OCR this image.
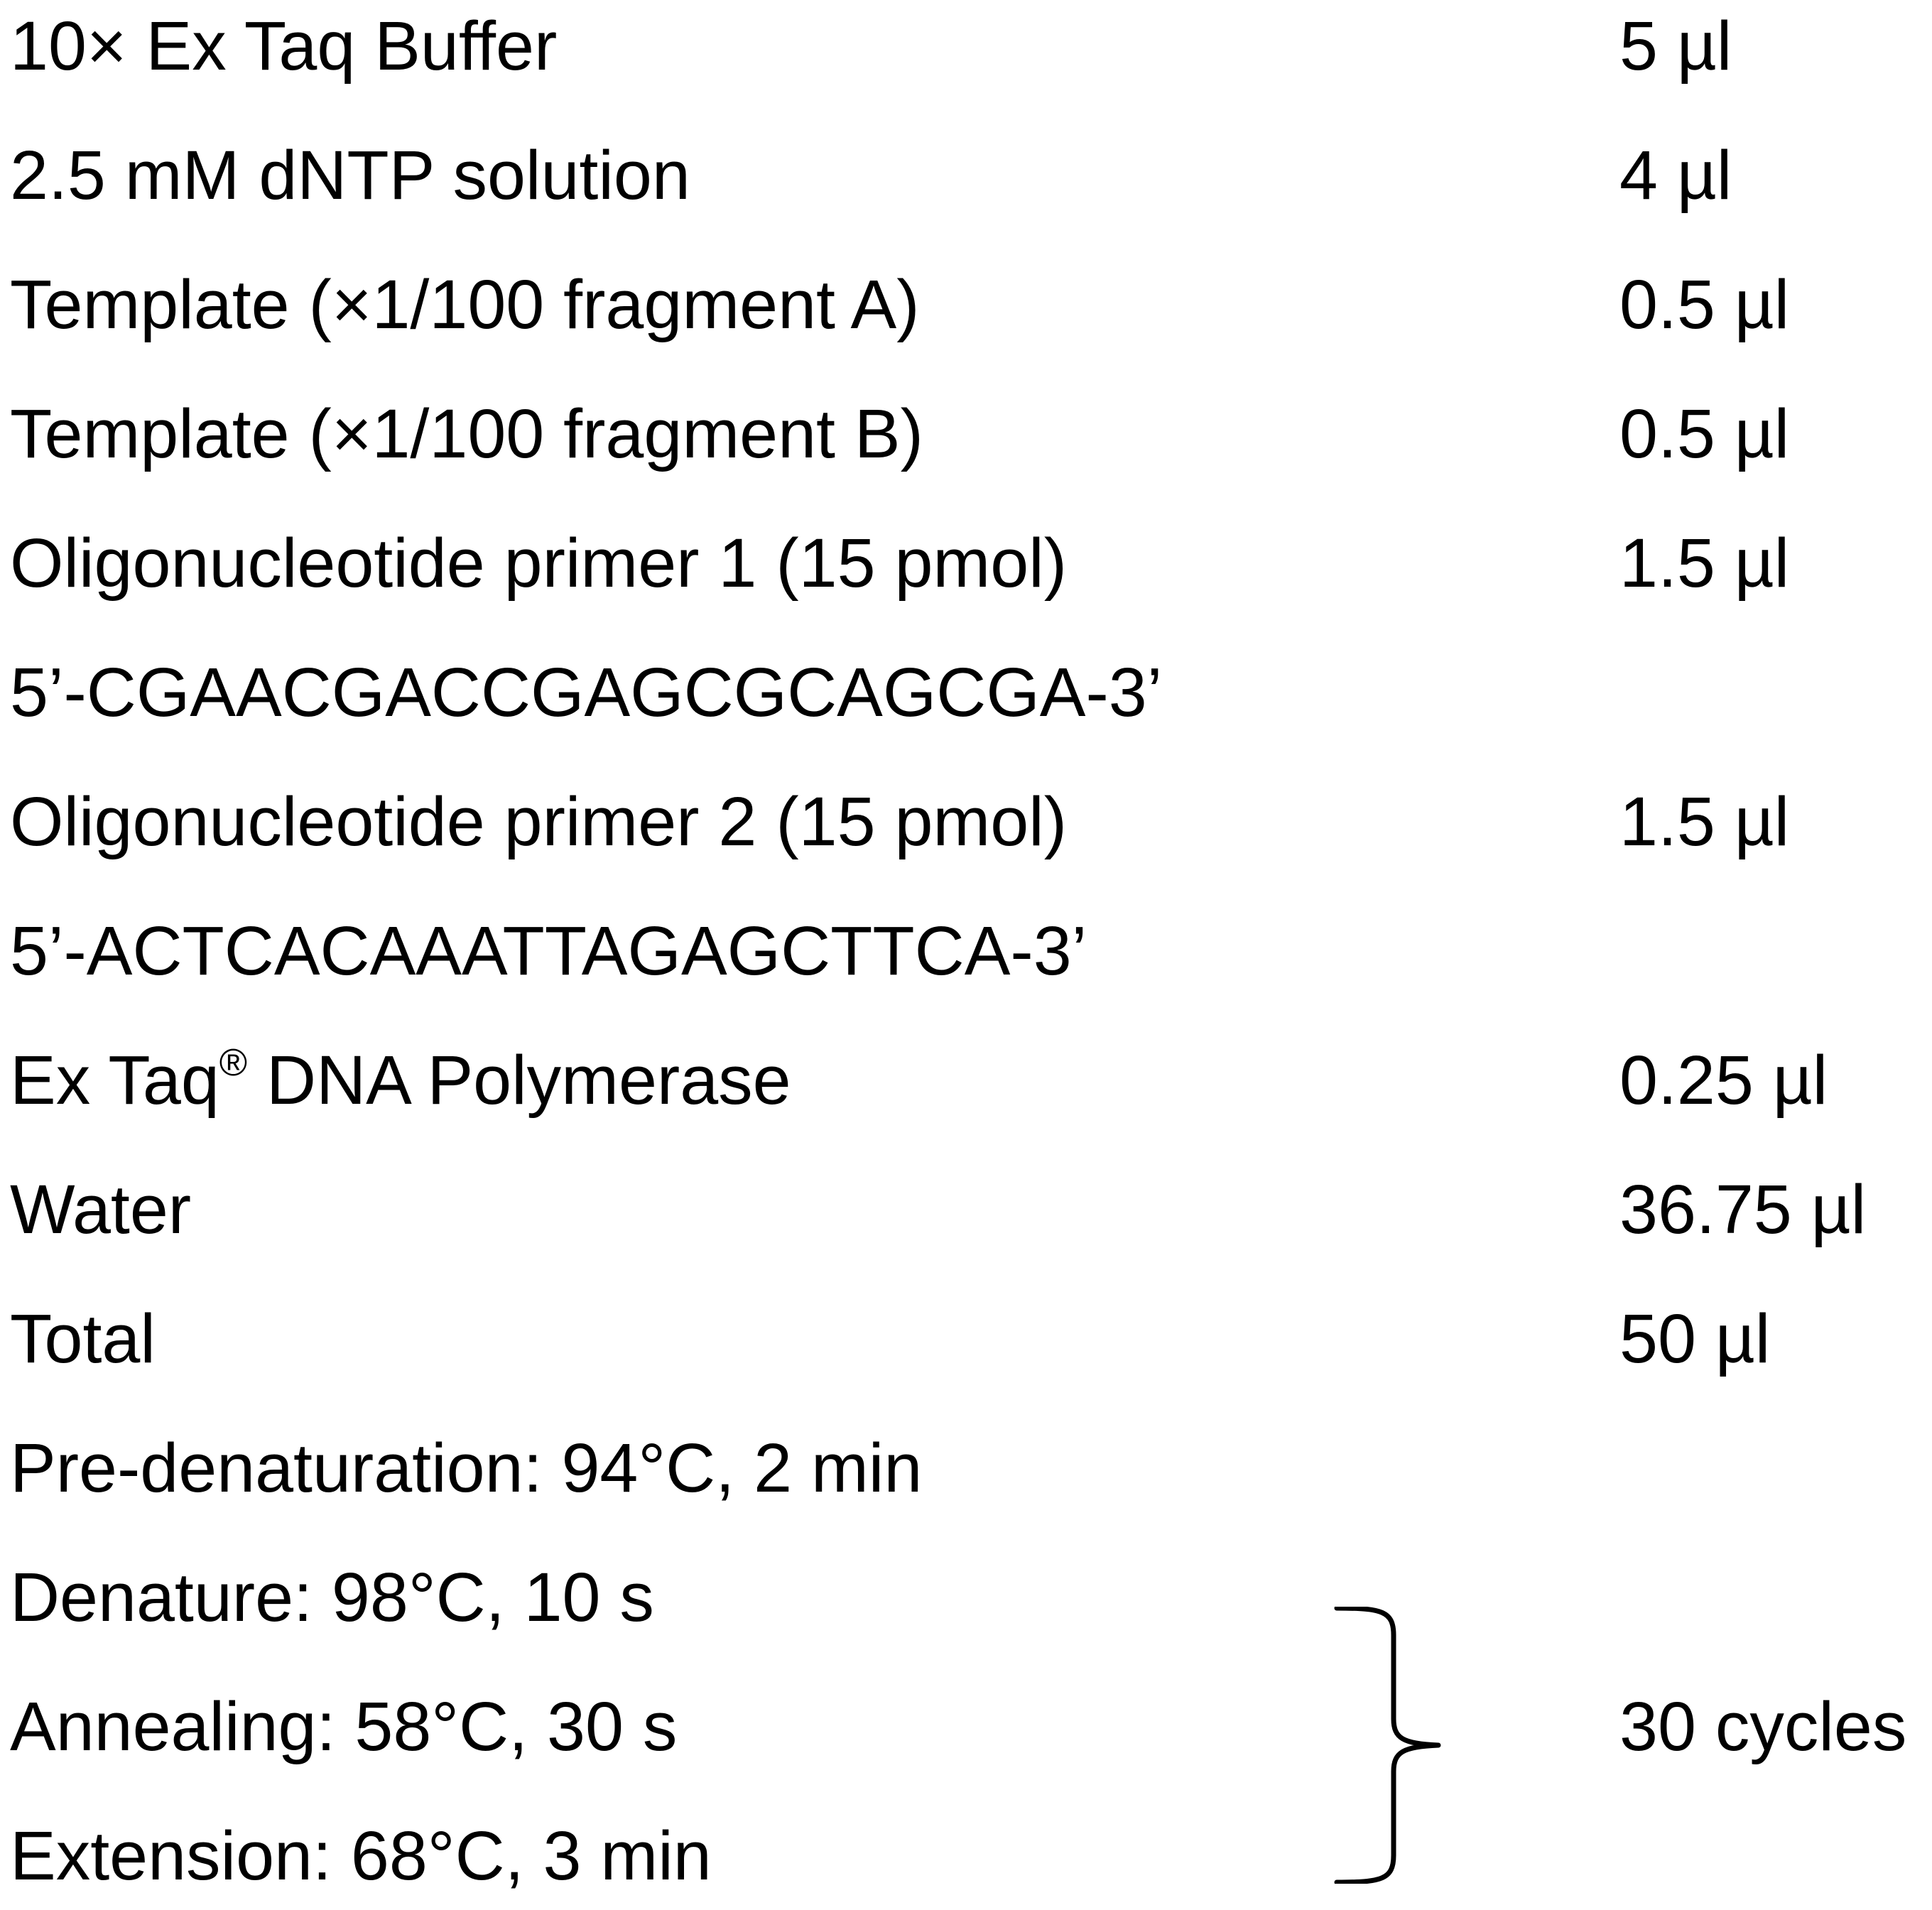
10× Ex Taq Buffer	5 µl
2.5 mM dNTP solution	4 µl
Template (×1/100 fragment A)	0.5 µl
Template (×1/100 fragment B)	0.5 µl
Oligonucleotide primer 1 (15 pmol)	1.5 µl
5’-CGAACGACCGAGCGCAGCGA-3’
Oligonucleotide primer 2 (15 pmol)	1.5 µl
5’-ACTCACAAATTAGAGCTTCA-3’
Ex Taq® DNA Polymerase	0.25 µl
Water	36.75 µl
Total	50 µl
Pre-denaturation: 94°C, 2 min
Denature: 98°C, 10 s
Annealing: 58°C, 30 s
Extension: 68°C, 3 min
30 cycles
